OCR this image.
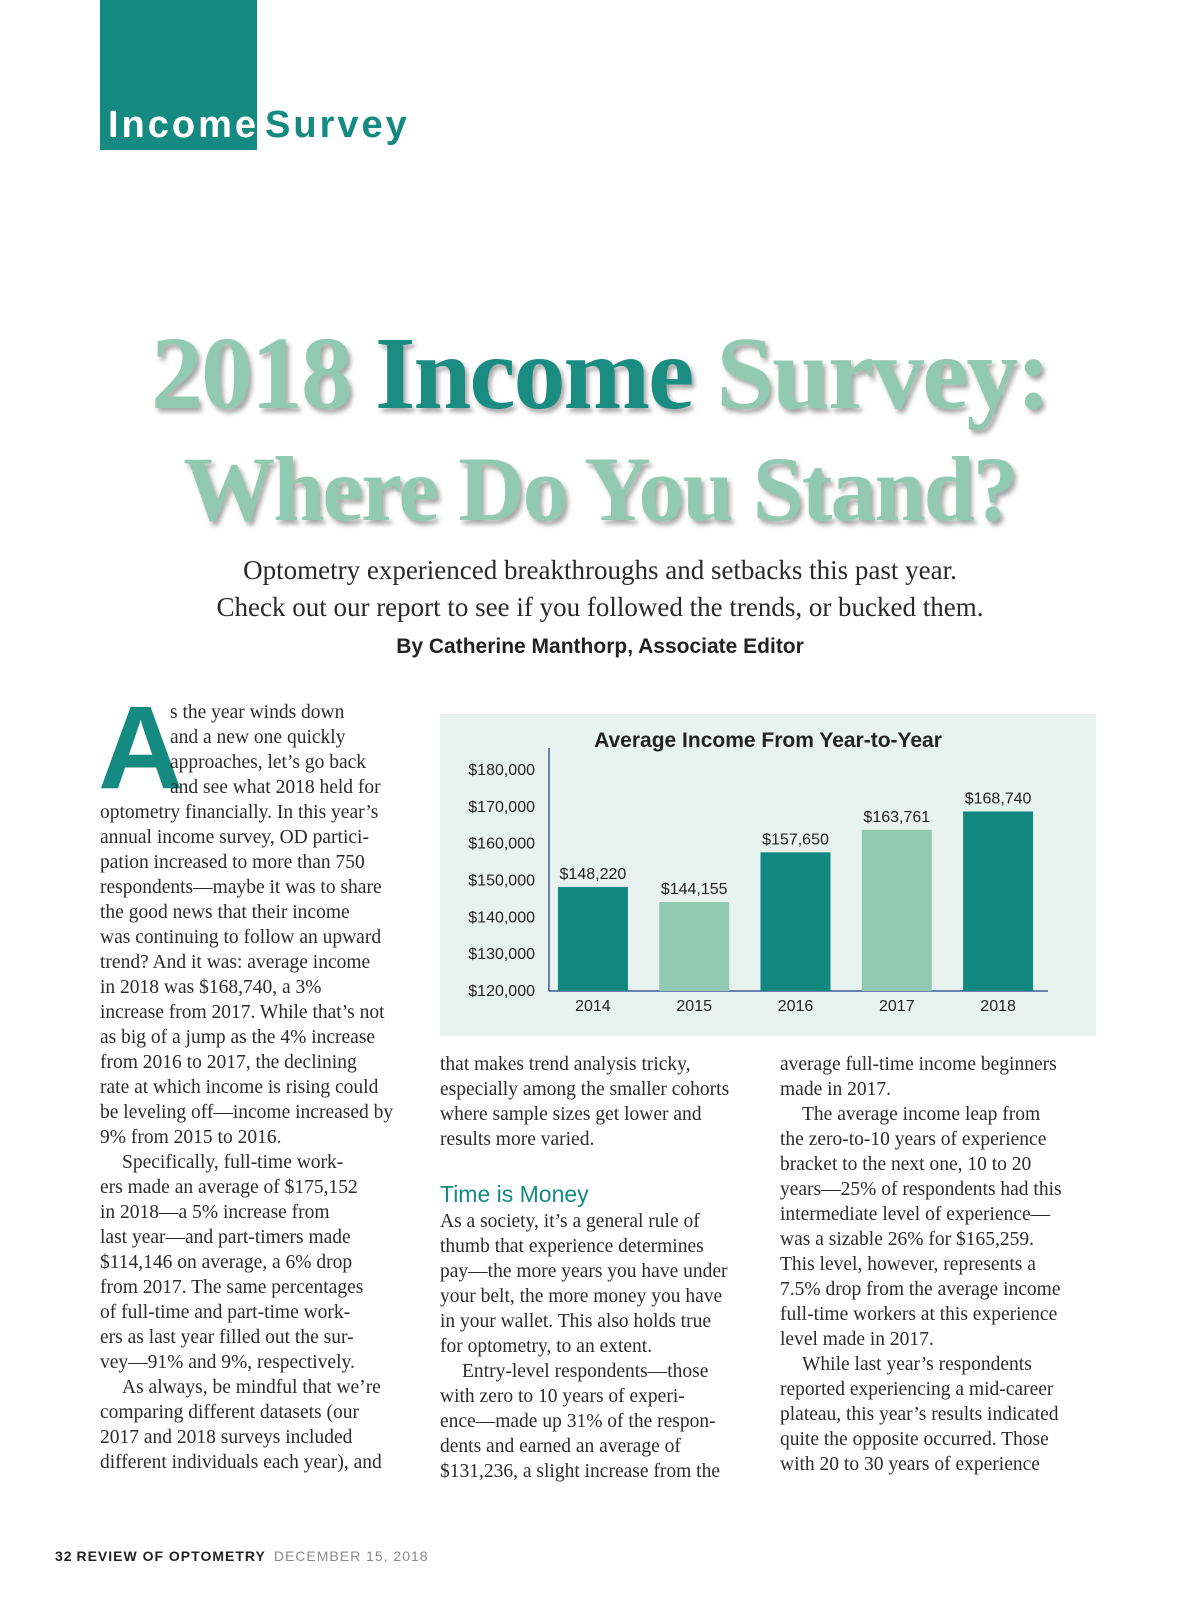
Income Survey
2018 Income Survey:
Where Do You Stand?
Optometry experienced breakthroughs and setbacks this past year.
Check out our report to see if you followed the trends, or bucked them.
By Catherine Manthorp, Associate Editor
A

s the year winds down

and a new one quickly

approaches, let’s go back

and see what 2018 held for

optometry financially. In this year’s

annual income survey, OD partici-

pation increased to more than 750

respondents—maybe it was to share

the good news that their income

was continuing to follow an upward

trend? And it was: average income

in 2018 was $168,740, a 3%

increase from 2017. While that’s not

as big of a jump as the 4% increase

from 2016 to 2017, the declining

rate at which income is rising could

be leveling off—income increased by

9% from 2015 to 2016.

Specifically, full-time work-

ers made an average of $175,152

in 2018—a 5% increase from

last year—and part-timers made

$114,146 on average, a 6% drop

from 2017. The same percentages

of full-time and part-time work-

ers as last year filled out the sur-

vey—91% and 9%, respectively.

As always, be mindful that we’re

comparing different datasets (our

2017 and 2018 surveys included

different individuals each year), and

Average Income From Year-to-Year
$120,000
$130,000
$140,000
$150,000
$160,000
$170,000
$180,000
$148,220
2014
$144,155
2015
$157,650
2016
$163,761
2017
$168,740
2018

that makes trend analysis tricky,

especially among the smaller cohorts

where sample sizes get lower and

results more varied.

Time is Money

As a society, it’s a general rule of

thumb that experience determines

pay—the more years you have under

your belt, the more money you have

in your wallet. This also holds true

for optometry, to an extent.

Entry-level respondents—those

with zero to 10 years of experi-

ence—made up 31% of the respon-

dents and earned an average of

$131,236, a slight increase from the

average full-time income beginners

made in 2017.

The average income leap from

the zero-to-10 years of experience

bracket to the next one, 10 to 20

years—25% of respondents had this

intermediate level of experience—

was a sizable 26% for $165,259.

This level, however, represents a

7.5% drop from the average income

full-time workers at this experience

level made in 2017.

While last year’s respondents

reported experiencing a mid-career

plateau, this year’s results indicated

quite the opposite occurred. Those

with 20 to 30 years of experience

32 REVIEW OF OPTOMETRY DECEMBER 15, 2018
